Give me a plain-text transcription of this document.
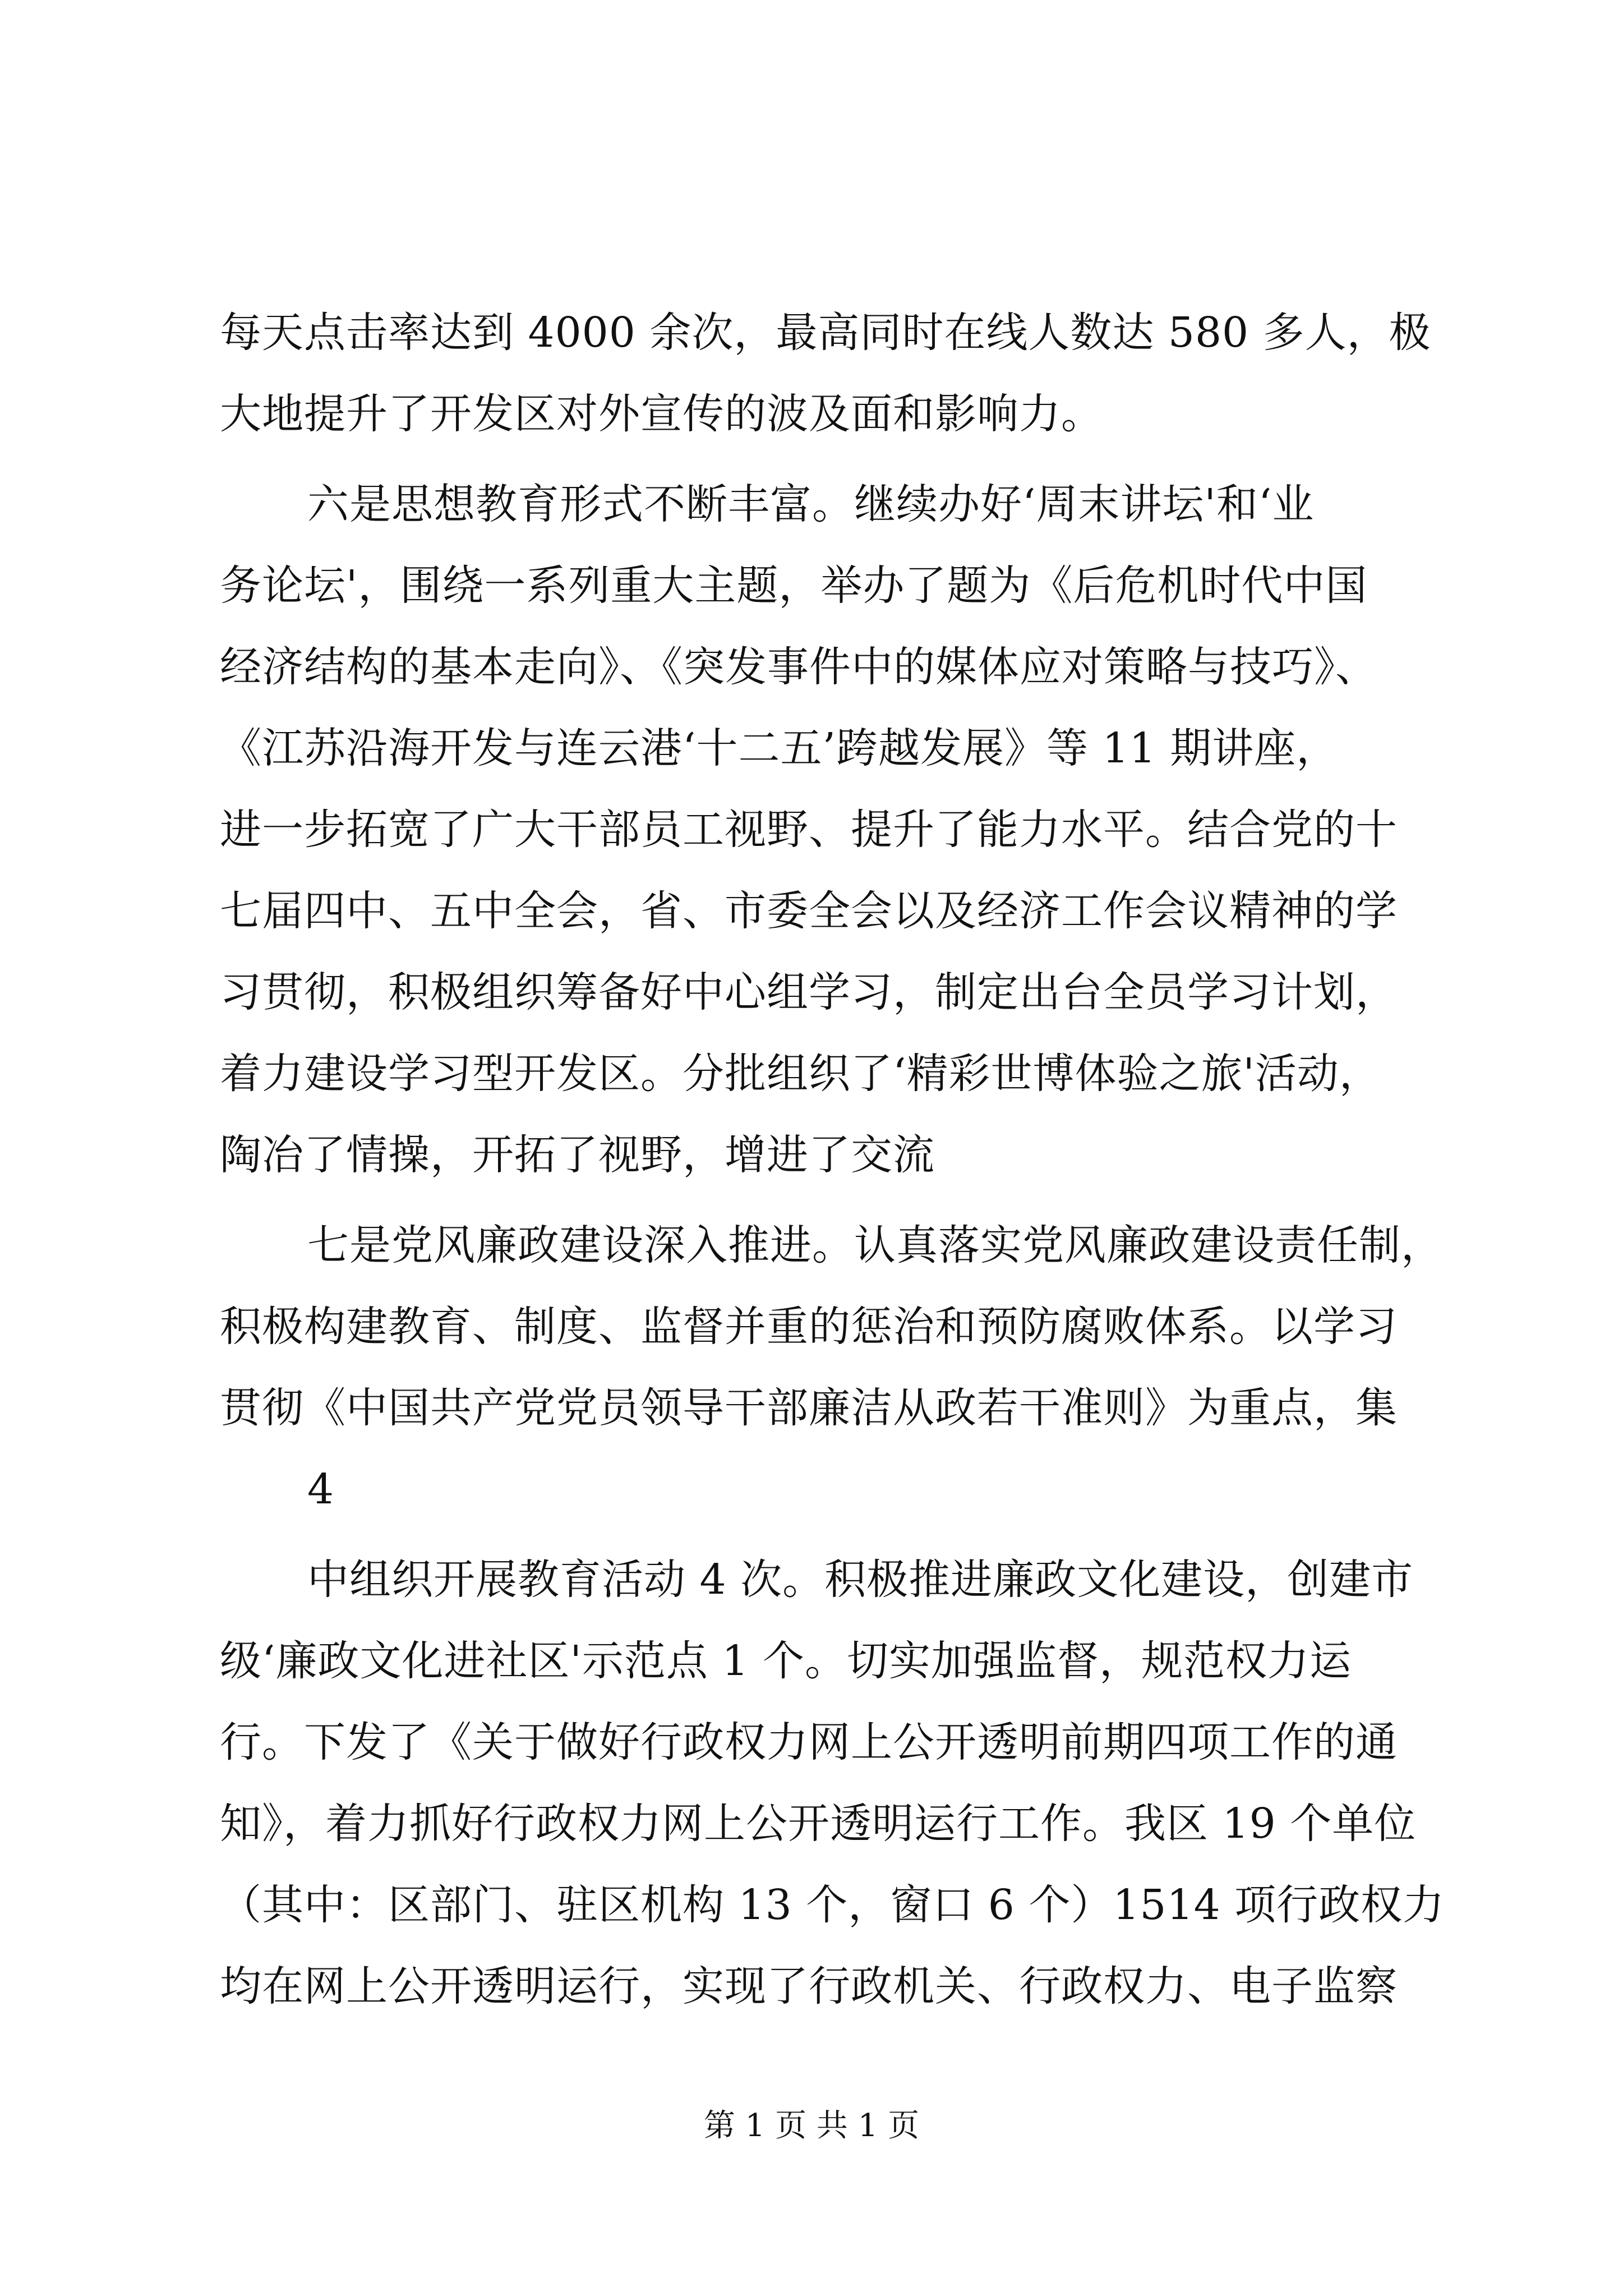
每天点击率达到 4000 余次，最高同时在线人数达 580 多人，极
大地提升了开发区对外宣传的波及面和影响力。
六是思想教育形式不断丰富。继续办好‘周末讲坛'和‘业
务论坛'，围绕一系列重大主题，举办了题为《后危机时代中国
经济结构的基本走向》、《突发事件中的媒体应对策略与技巧》、
《江苏沿海开发与连云港‘十二五’跨越发展》等 11 期讲座，
进一步拓宽了广大干部员工视野、提升了能力水平。结合党的十
七届四中、五中全会，省、市委全会以及经济工作会议精神的学
习贯彻，积极组织筹备好中心组学习，制定出台全员学习计划，
着力建设学习型开发区。分批组织了‘精彩世博体验之旅'活动，
陶冶了情操，开拓了视野，增进了交流
七是党风廉政建设深入推进。认真落实党风廉政建设责任制，
积极构建教育、制度、监督并重的惩治和预防腐败体系。以学习
贯彻《中国共产党党员领导干部廉洁从政若干准则》为重点，集
4
中组织开展教育活动 4 次。积极推进廉政文化建设，创建市
级‘廉政文化进社区'示范点 1 个。切实加强监督，规范权力运
行。下发了《关于做好行政权力网上公开透明前期四项工作的通
知》，着力抓好行政权力网上公开透明运行工作。我区 19 个单位
（其中：区部门、驻区机构 13 个，窗口 6 个）1514 项行政权力
均在网上公开透明运行，实现了行政机关、行政权力、电子监察
第 1 页 共 1 页
